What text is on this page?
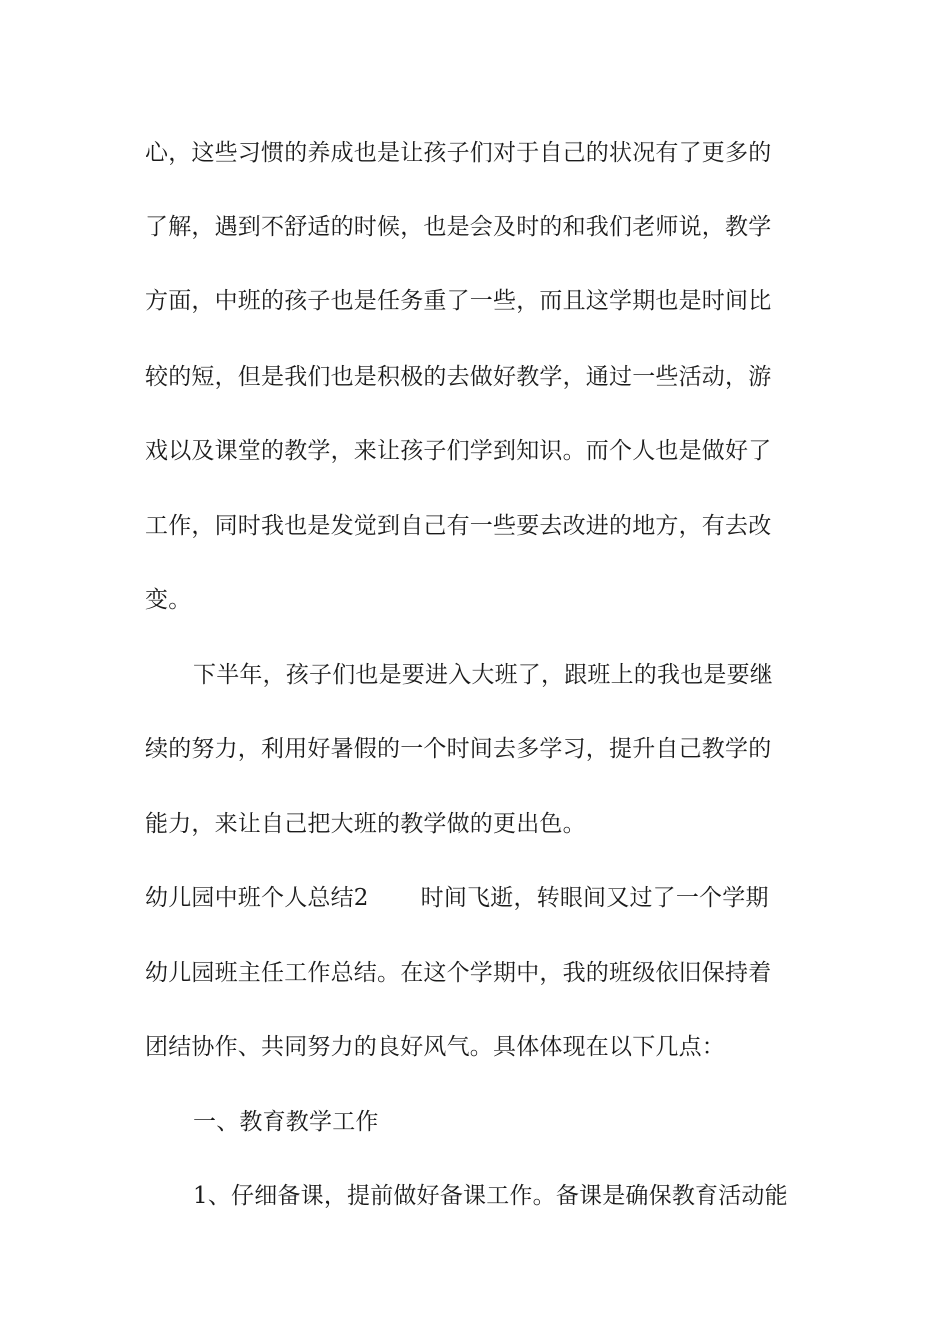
心，这些习惯的养成也是让孩子们对于自己的状况有了更多的
了解，遇到不舒适的时候，也是会及时的和我们老师说，教学
方面，中班的孩子也是任务重了一些，而且这学期也是时间比
较的短，但是我们也是积极的去做好教学，通过一些活动，游
戏以及课堂的教学，来让孩子们学到知识。而个人也是做好了
工作，同时我也是发觉到自己有一些要去改进的地方，有去改
变。
下半年，孩子们也是要进入大班了，跟班上的我也是要继
续的努力，利用好暑假的一个时间去多学习，提升自己教学的
能力，来让自己把大班的教学做的更出色。
幼儿园中班个人总结2 时间飞逝，转眼间又过了一个学期
幼儿园班主任工作总结。在这个学期中，我的班级依旧保持着
团结协作、共同努力的良好风气。具体体现在以下几点：
一、教育教学工作
1、仔细备课，提前做好备课工作。备课是确保教育活动能
